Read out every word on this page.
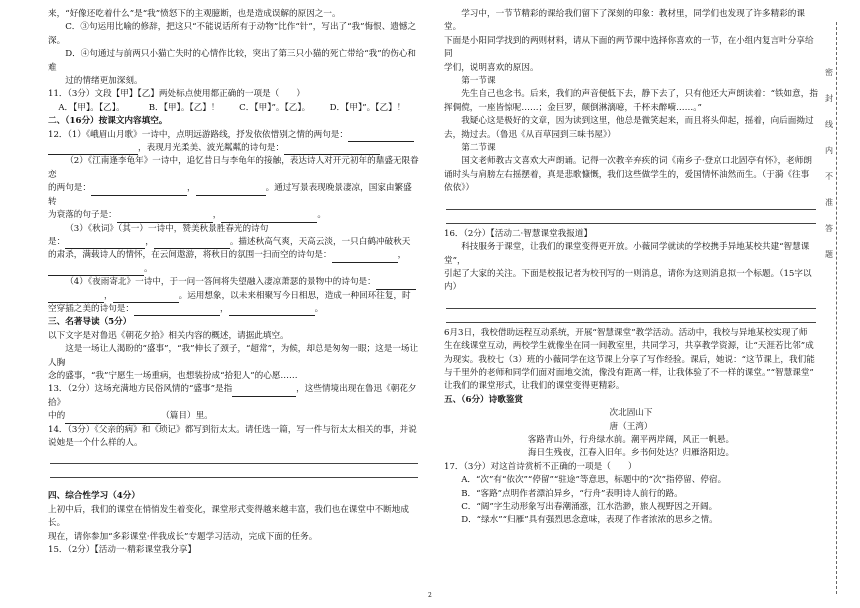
来，“好像还吃着什么”是“我”愤怒下的主观臆断，也是造成误解的原因之一。

C．③句运用比喻的修辞，把这只“不能说话所有于动物”比作“针”，写出了“我”悔恨、遗憾之深。

D．④句通过与前两只小猫亡失时的心情作比较，突出了第三只小猫的死亡带给“我”的伤心和难

过的情绪更加深刻。

11．（3分）文段【甲】【乙】两处标点使用都正确的一项是（　　）

A．【甲】。【乙】。	B．【甲】。【乙】！	C．【甲】”。【乙】。	D．【甲】”。【乙】！

二、（16分）按课文内容填空。

12．（1）《峨眉山月歌》一诗中，点明远游路线，抒发依依惜别之情的两句是：

，表现月光柔美、波光粼粼的诗句是：

（2）《江南逢李龟年》一诗中，追忆昔日与李龟年的接触，表达诗人对开元初年的鼎盛无限眷恋

的两句是：	，	。通过写景表现晚景凄凉，国家由繁盛转

为衰落的句子是：	，	。

（3）《秋词》（其一）一诗中，赞美秋景胜春光的诗句

是：	，	。描述秋高气爽，天高云淡，一只白鹤冲破秋天

的肃杀，满载诗人的情怀，在云间遨游，将秋日的氛围一扫而空的诗句是：	，

。

（4）《夜雨寄北》一诗中，于一问一答间将失望融入凄凉萧瑟的景物中的诗句是：

，	。运用想象，以未来相聚写今日相思，造成一种回环往复，时

空穿插之美的诗句是：	，	。

三、名著导读（5分）

以下文字是对鲁迅《朝花夕拾》相关内容的概述，请据此填空。

这是一场让人渴盼的“盛事”，“我”伸长了颈子，“超常”，为候，却总是匆匆一眼；这是一场让人胸

念的盛事，“我”宁愿生一场重病，也想装扮成“拾犯人”的心愿……

13．（2分）这场充满地方民俗风情的“盛事”是指	，这些情境出现在鲁迅《朝花夕拾》

中的	（篇目）里。

14．（3分）《父亲的病》和《琐记》都写到衍太太。请任选一篇，写一件与衍太太相关的事，并说

说她是一个什么样的人。

四、综合性学习（4分）

上初中后，我们的课堂在悄悄发生着变化，课堂形式变得越来越丰富，我们也在课堂中不断地成长。

现在，请你参加“多彩课堂·伴我成长”专题学习活动，完成下面的任务。

15．（2分）【活动一·精彩课堂我分享】

学习中，一节节精彩的课给我们留下了深刻的印象：教材里，同学们也发现了许多精彩的课堂。

下面是小阳同学找到的两则材料，请从下面的两节课中选择你喜欢的一节，在小组内复言叶分享给同

学们，说明喜欢的原因。

第一节课

先生自己也念书。后来，我们的声音便低下去，静下去了，只有他还大声朗读着：“铁如意，指

挥倜傥，一座皆惊呢……；金巨罗，颠倒淋漓噫，千杯未醉嗬……。”

我疑心这是极好的文章，因为读到这里，他总是微笑起来，而且将头仰起，摇着，向后面拗过

去，拗过去。（鲁迅《从百草园到三味书屋》）

第二节课

国文老师教古文喜欢大声朗诵。记得一次教辛弃疾的词《南乡子·登京口北固亭有怀》，老师朗

诵时头与肩膀左右摇摆着，真是悲歌慷慨，我们这些做学生的，爱国情怀油然而生。（于漪《往事

依依》）

16．（2分）【活动二·智慧课堂我报道】

科技服务于课堂，让我们的课堂变得更开放。小薇同学就读的学校携手异地某校共建“智慧课堂”，

引起了大家的关注。下面是校报记者为校刊写的一则消息，请你为这则消息拟一个标题。（15字以

内）

6月3日，我校借助远程互动系统，开展“智慧课堂”教学活动。活动中，我校与异地某校实现了师

生在线课堂互动，两校学生就像坐在同一间教室里，共同学习，共享教学资源，让“天涯若比邻”成

为现实。我校七（3）班的小薇同学在这节课上分享了写作经验。课后，她说：“这节课上，我们能

与千里外的老师和同学们面对面地交流，像没有距离一样，让我体验了不一样的课堂。”“智慧课堂”

让我们的课堂形式，让我们的课堂变得更精彩。

五、（6分）诗歌鉴赏

次北固山下

唐（王湾）

客路青山外，行舟绿水前。潮平两岸阔，风正一帆悬。

海日生残夜，江春入旧年。乡书何处达？归雁洛阳边。

17．（3分）对这首诗赏析不正确的一项是（　　）

A．“次”有“依次”“停留”“驻途”等意思，标题中的“次”指停留、停宿。

B．“客路”点明作者漂泊异乡，“行舟”表明诗人前行的路。

C．“阔”字生动形象写出春潮涌涨，江水浩渺，旅人视野因之开阔。

D．“绿水”“归雁”具有强烈思念意味，表现了作者浓浓的思乡之情。

2
密封线内不准答题
